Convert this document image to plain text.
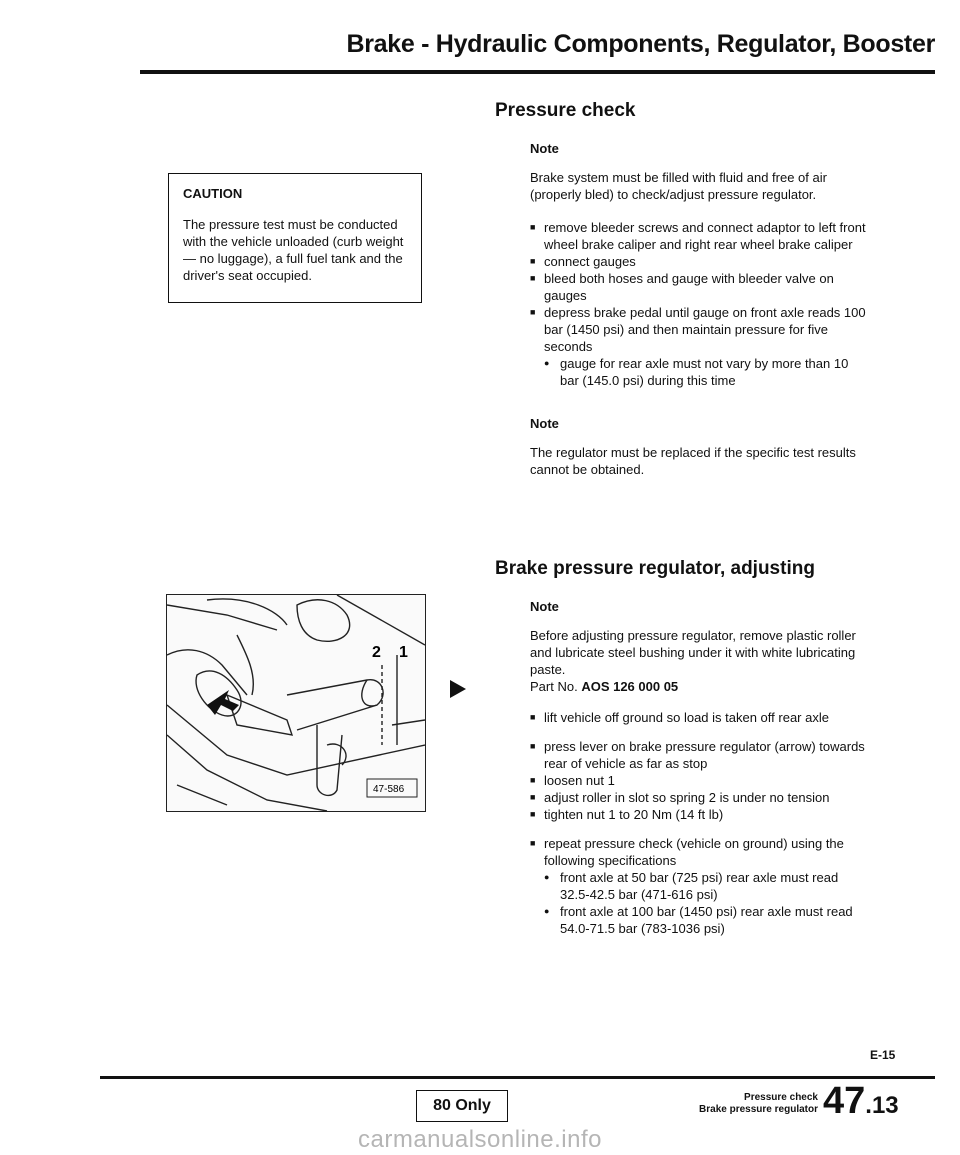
Brake - Hydraulic Components, Regulator, Booster
CAUTION
The pressure test must be conducted with the vehicle unloaded (curb weight — no luggage), a full fuel tank and the driver's seat occupied.
Pressure check

Note

Brake system must be filled with fluid and free of air (properly bled) to check/adjust pressure regulator.

■ remove bleeder screws and connect adaptor to left front wheel brake caliper and right rear wheel brake caliper
■ connect gauges
■ bleed both hoses and gauge with bleeder valve on gauges
■ depress brake pedal until gauge on front axle reads 100 bar (1450 psi) and then maintain pressure for five seconds
● gauge for rear axle must not vary by more than 10 bar (145.0 psi) during this time

Note

The regulator must be replaced if the specific test results cannot be obtained.

Brake pressure regulator, adjusting

Note

Before adjusting pressure regulator, remove plastic roller and lubricate steel bushing under it with white lubricating paste.

Part No. AOS 126 000 05

■ lift vehicle off ground so load is taken off rear axle
■ press lever on brake pressure regulator (arrow) towards rear of vehicle as far as stop
■ loosen nut 1
■ adjust roller in slot so spring 2 is under no tension
■ tighten nut 1 to 20 Nm (14 ft lb)
■ repeat pressure check (vehicle on ground) using the following specifications
● front axle at 50 bar (725 psi) rear axle must read 32.5-42.5 bar (471-616 psi)
● front axle at 100 bar (1450 psi) rear axle must read 54.0-71.5 bar (783-1036 psi)
2 1
47-586
E-15
80 Only	Pressure check
Brake pressure regulator 47.13
carmanualsonline.info
